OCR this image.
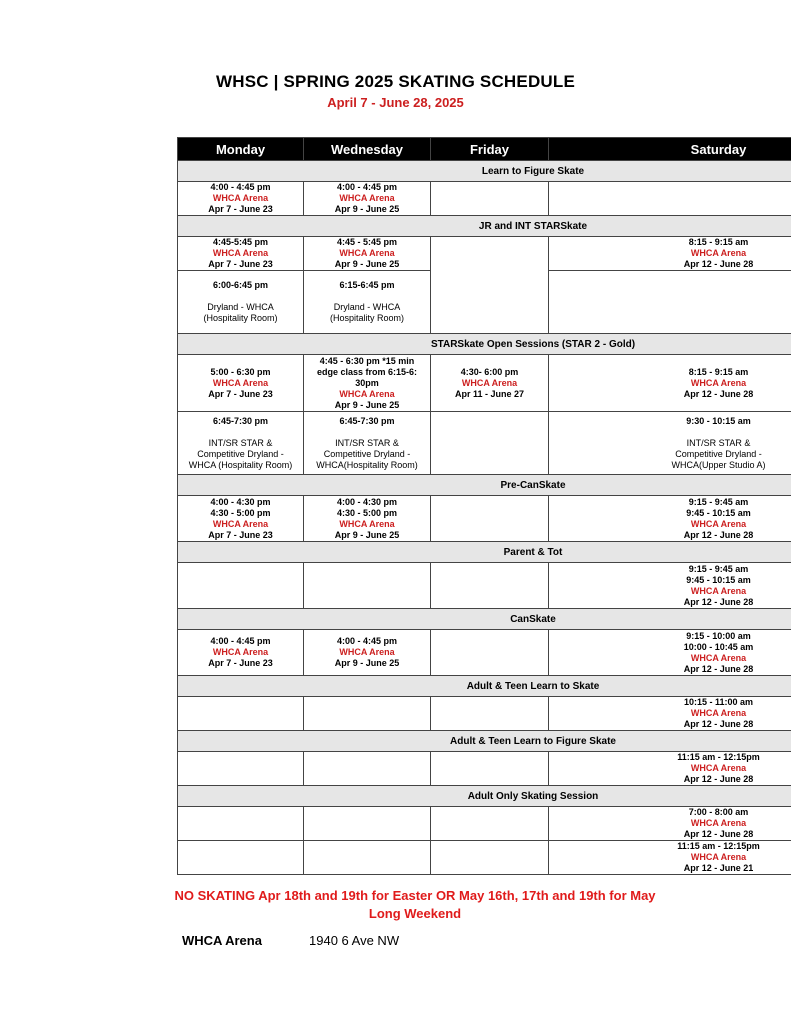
WHSC | SPRING 2025 SKATING SCHEDULE
April 7 - June 28, 2025
Monday	Wednesday	Friday	Saturday
Learn to Figure Skate			

4:00 - 4:45 pm
WHCA Arena
Apr 7 - June 23	4:00 - 4:45 pm
WHCA Arena
Apr 9 - June 25		

JR and INT STARSkate			

4:45-5:45 pm
WHCA Arena
Apr 7 - June 23	4:45 - 5:45 pm
WHCA Arena
Apr 9 - June 25		8:15 - 9:15 am
WHCA Arena
Apr 12 - June 28

6:00-6:45 pm
Dryland - WHCA
(Hospitality Room)	6:15-6:45 pm
Dryland - WHCA
(Hospitality Room)		

STARSkate Open Sessions (STAR 2 - Gold)			

5:00 - 6:30 pm
WHCA Arena
Apr 7 - June 23	4:45 - 6:30 pm *15 min
edge class from 6:15-6:
30pm
WHCA Arena
Apr 9 - June 25	4:30- 6:00 pm
WHCA Arena
Apr 11 - June 27	8:15 - 9:15 am
WHCA Arena
Apr 12 - June 28

6:45-7:30 pm
INT/SR STAR &
Competitive Dryland -
WHCA (Hospitality Room)	6:45-7:30 pm
INT/SR STAR &
Competitive Dryland -
WHCA(Hospitality Room)		9:30 - 10:15 am
INT/SR STAR &
Competitive Dryland -
WHCA(Upper Studio A)

Pre-CanSkate			

4:00 - 4:30 pm
4:30 - 5:00 pm
WHCA Arena
Apr 7 - June 23	4:00 - 4:30 pm
4:30 - 5:00 pm
WHCA Arena
Apr 9 - June 25		9:15 - 9:45 am
9:45 - 10:15 am
WHCA Arena
Apr 12 - June 28

Parent & Tot			

			9:15 - 9:45 am
9:45 - 10:15 am
WHCA Arena
Apr 12 - June 28

CanSkate			

4:00 - 4:45 pm
WHCA Arena
Apr 7 - June 23	4:00 - 4:45 pm
WHCA Arena
Apr 9 - June 25		9:15 - 10:00 am
10:00 - 10:45 am
WHCA Arena
Apr 12 - June 28

Adult & Teen Learn to Skate			

			10:15 - 11:00 am
WHCA Arena
Apr 12 - June 28

Adult & Teen Learn to Figure Skate			

			11:15 am - 12:15pm
WHCA Arena
Apr 12 - June 28

Adult Only Skating Session			

			7:00 - 8:00 am
WHCA Arena
Apr 12 - June 28

			11:15 am - 12:15pm
WHCA Arena
Apr 12 - June 21
NO SKATING Apr 18th and 19th for Easter OR May 16th, 17th and 19th for May Long Weekend
WHCA Arena	1940 6 Ave NW
